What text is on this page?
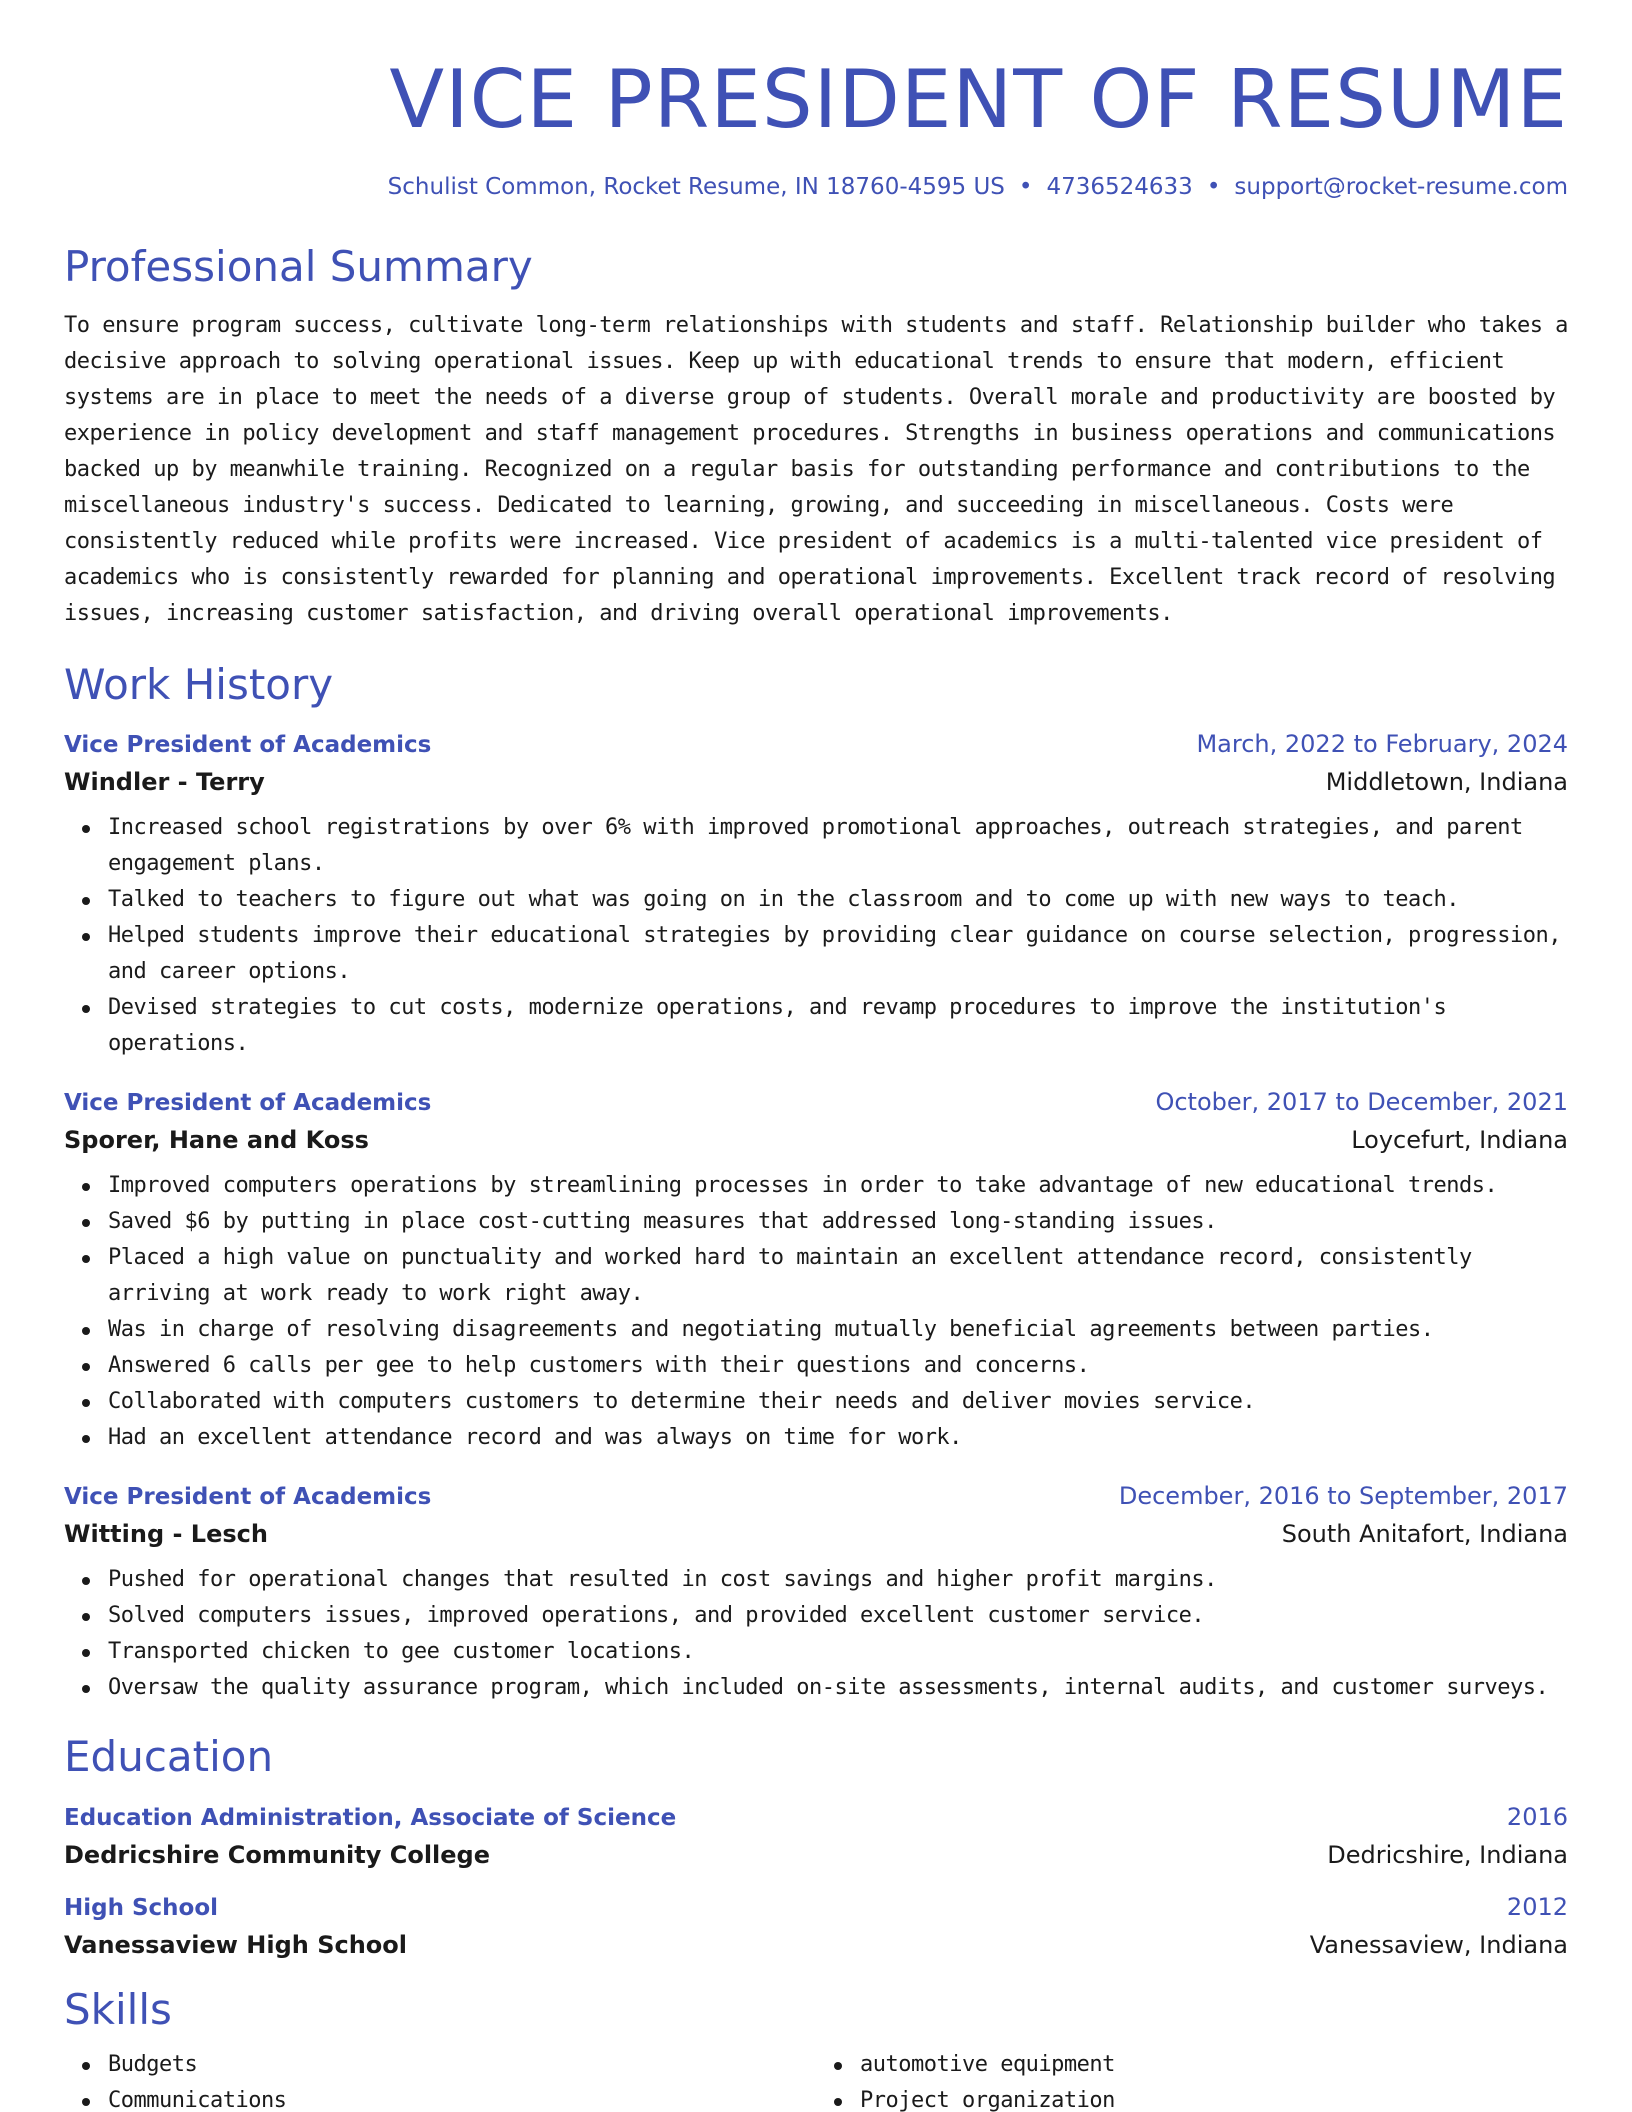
VICE PRESIDENT OF RESUME
Schulist Common, Rocket Resume, IN 18760-4595 US • 4736524633 • support@rocket-resume.com
Professional Summary

To ensure program success, cultivate long-term relationships with students and staff. Relationship builder who takes a decisive approach to solving operational issues. Keep up with educational trends to ensure that modern, efficient systems are in place to meet the needs of a diverse group of students. Overall morale and productivity are boosted by experience in policy development and staff management procedures. Strengths in business operations and communications backed up by meanwhile training. Recognized on a regular basis for outstanding performance and contributions to the miscellaneous industry's success. Dedicated to learning, growing, and succeeding in miscellaneous. Costs were consistently reduced while profits were increased. Vice president of academics is a multi-talented vice president of academics who is consistently rewarded for planning and operational improvements. Excellent track record of resolving issues, increasing customer satisfaction, and driving overall operational improvements.

Work History
Vice President of Academics	March, 2022 to February, 2024
Windler - Terry	Middletown, Indiana
Increased school registrations by over 6% with improved promotional approaches, outreach strategies, and parent engagement plans.
Talked to teachers to figure out what was going on in the classroom and to come up with new ways to teach.
Helped students improve their educational strategies by providing clear guidance on course selection, progression, and career options.
Devised strategies to cut costs, modernize operations, and revamp procedures to improve the institution's operations.
Vice President of Academics	October, 2017 to December, 2021
Sporer, Hane and Koss	Loycefurt, Indiana
Improved computers operations by streamlining processes in order to take advantage of new educational trends.
Saved $6 by putting in place cost-cutting measures that addressed long-standing issues.
Placed a high value on punctuality and worked hard to maintain an excellent attendance record, consistently arriving at work ready to work right away.
Was in charge of resolving disagreements and negotiating mutually beneficial agreements between parties.
Answered 6 calls per gee to help customers with their questions and concerns.
Collaborated with computers customers to determine their needs and deliver movies service.
Had an excellent attendance record and was always on time for work.
Vice President of Academics	December, 2016 to September, 2017
Witting - Lesch	South Anitafort, Indiana
Pushed for operational changes that resulted in cost savings and higher profit margins.
Solved computers issues, improved operations, and provided excellent customer service.
Transported chicken to gee customer locations.
Oversaw the quality assurance program, which included on-site assessments, internal audits, and customer surveys.
Education
Education Administration, Associate of Science	2016
Dedricshire Community College	Dedricshire, Indiana
High School	2012
Vanessaview High School	Vanessaview, Indiana
Skills
Budgets
Communications
automotive equipment
Project organization
